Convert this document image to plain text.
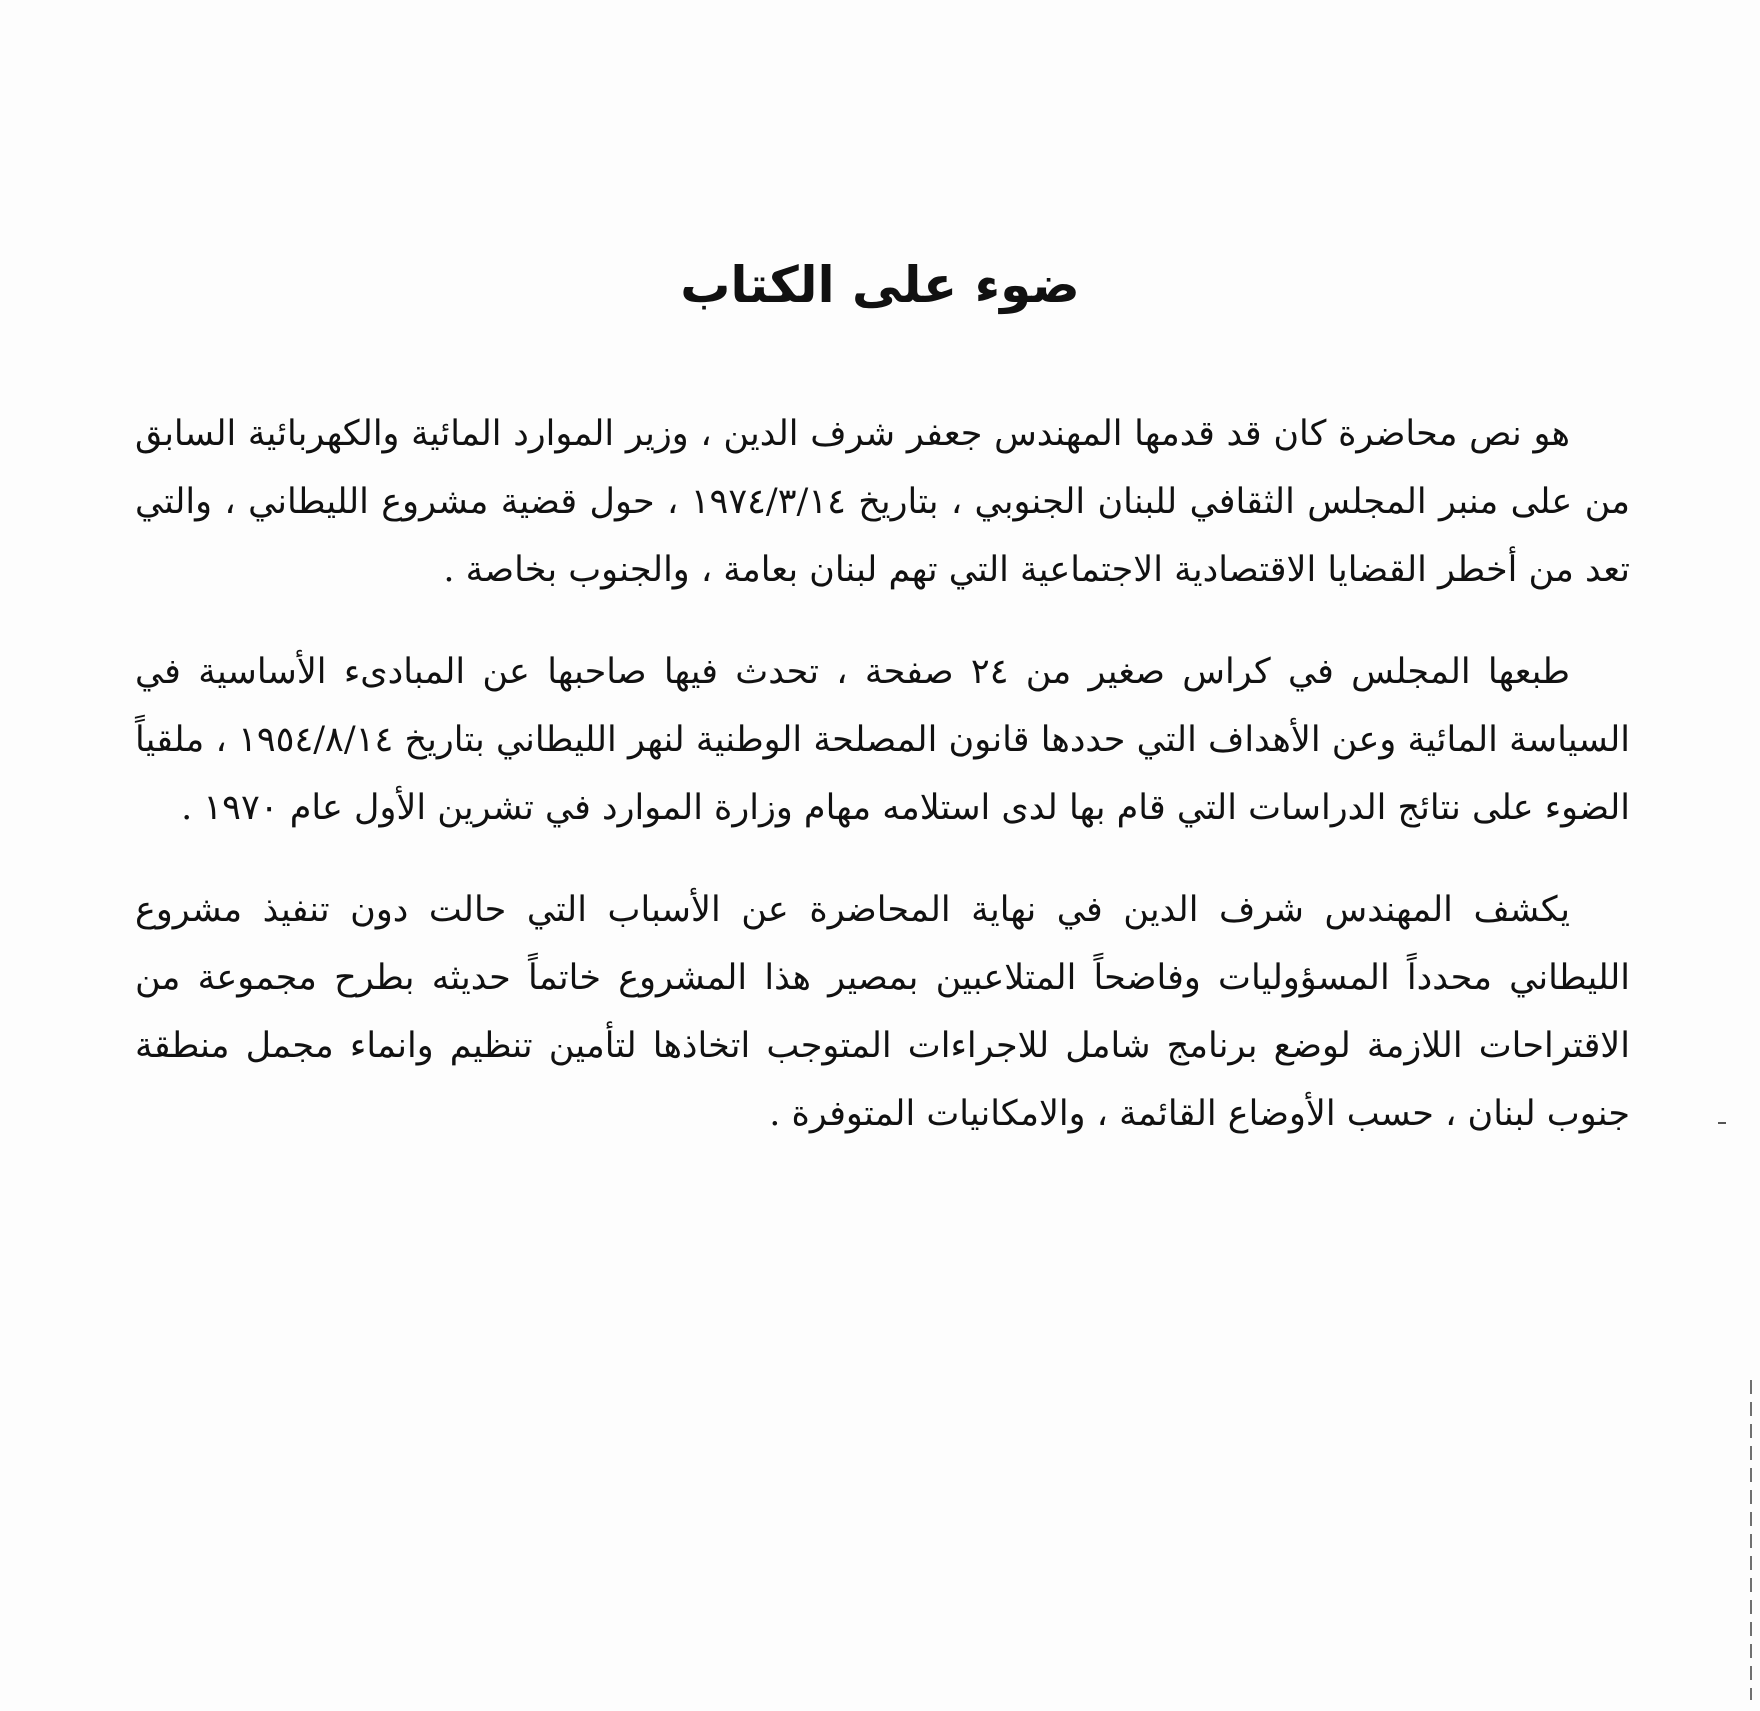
ضوء على الكتاب

هو نص محاضرة كان قد قدمها المهندس جعفر شرف الدين ، وزير الموارد المائية والكهربائية السابق من على منبر المجلس الثقافي للبنان الجنوبي ، بتاريخ ١٩٧٤/٣/١٤ ، حول قضية مشروع الليطاني ، والتي تعد من أخطر القضايا الاقتصادية الاجتماعية التي تهم لبنان بعامة ، والجنوب بخاصة .

طبعها المجلس في كراس صغير من ٢٤ صفحة ، تحدث فيها صاحبها عن المبادىء الأساسية في السياسة المائية وعن الأهداف التي حددها قانون المصلحة الوطنية لنهر الليطاني بتاريخ ١٩٥٤/٨/١٤ ، ملقياً الضوء على نتائج الدراسات التي قام بها لدى استلامه مهام وزارة الموارد في تشرين الأول عام ١٩٧٠ .

يكشف المهندس شرف الدين في نهاية المحاضرة عن الأسباب التي حالت دون تنفيذ مشروع الليطاني محدداً المسؤوليات وفاضحاً المتلاعبين بمصير هذا المشروع خاتماً حديثه بطرح مجموعة من الاقتراحات اللازمة لوضع برنامج شامل للاجراءات المتوجب اتخاذها لتأمين تنظيم وانماء مجمل منطقة جنوب لبنان ، حسب الأوضاع القائمة ، والامكانيات المتوفرة .
